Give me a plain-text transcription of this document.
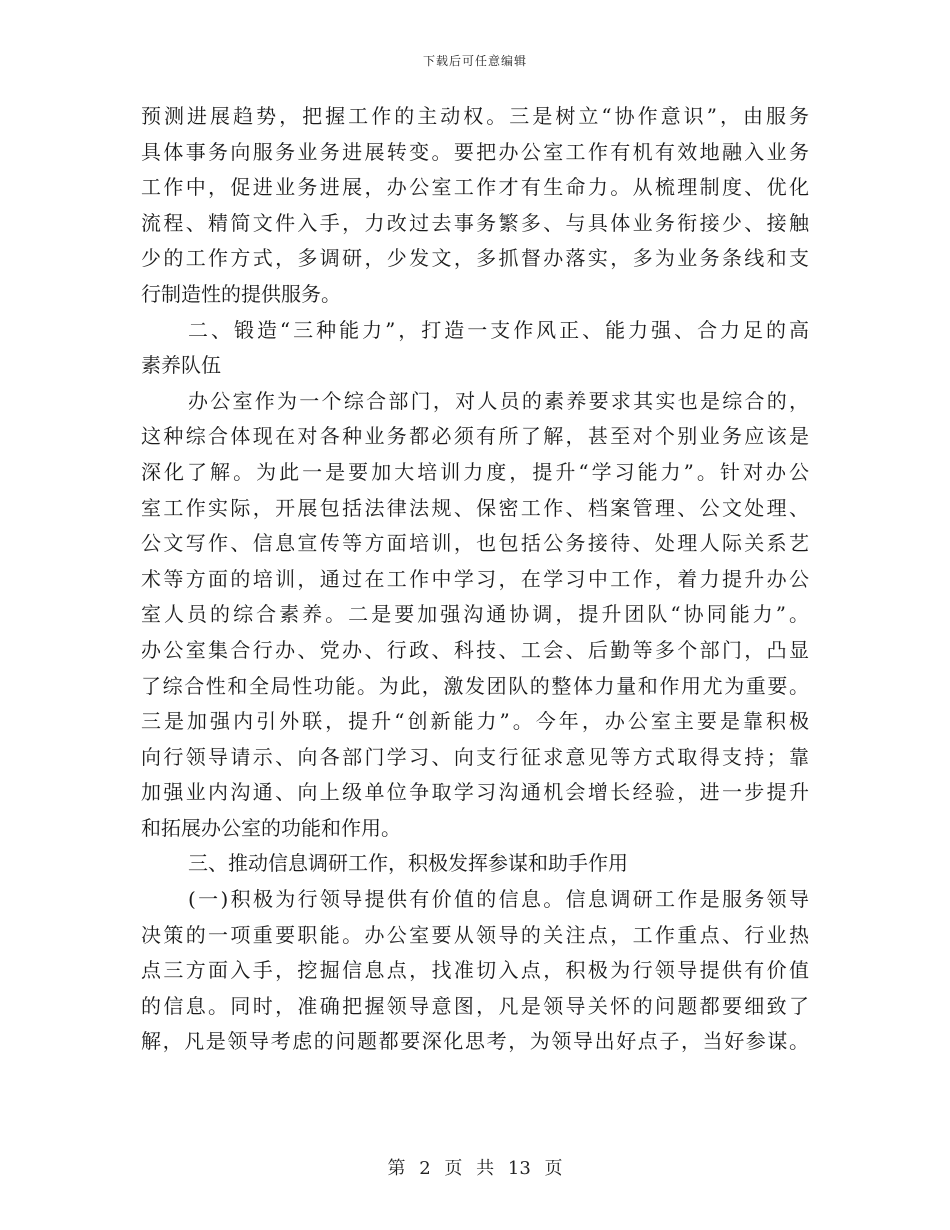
下载后可任意编辑
预测进展趋势，把握工作的主动权。三是树立“协作意识”，由服务
具体事务向服务业务进展转变。要把办公室工作有机有效地融入业务
工作中，促进业务进展，办公室工作才有生命力。从梳理制度、优化
流程、精简文件入手，力改过去事务繁多、与具体业务衔接少、接触
少的工作方式，多调研，少发文，多抓督办落实，多为业务条线和支
行制造性的提供服务。
二、锻造“三种能力”，打造一支作风正、能力强、合力足的高
素养队伍
办公室作为一个综合部门，对人员的素养要求其实也是综合的，
这种综合体现在对各种业务都必须有所了解，甚至对个别业务应该是
深化了解。为此一是要加大培训力度，提升“学习能力”。针对办公
室工作实际，开展包括法律法规、保密工作、档案管理、公文处理、
公文写作、信息宣传等方面培训，也包括公务接待、处理人际关系艺
术等方面的培训，通过在工作中学习，在学习中工作，着力提升办公
室人员的综合素养。二是要加强沟通协调，提升团队“协同能力”。
办公室集合行办、党办、行政、科技、工会、后勤等多个部门，凸显
了综合性和全局性功能。为此，激发团队的整体力量和作用尤为重要。
三是加强内引外联，提升“创新能力”。今年，办公室主要是靠积极
向行领导请示、向各部门学习、向支行征求意见等方式取得支持；靠
加强业内沟通、向上级单位争取学习沟通机会增长经验，进一步提升
和拓展办公室的功能和作用。
三、推动信息调研工作，积极发挥参谋和助手作用
(一)积极为行领导提供有价值的信息。信息调研工作是服务领导
决策的一项重要职能。办公室要从领导的关注点，工作重点、行业热
点三方面入手，挖掘信息点，找准切入点，积极为行领导提供有价值
的信息。同时，准确把握领导意图，凡是领导关怀的问题都要细致了
解，凡是领导考虑的问题都要深化思考，为领导出好点子，当好参谋。
第 2 页 共 13 页
